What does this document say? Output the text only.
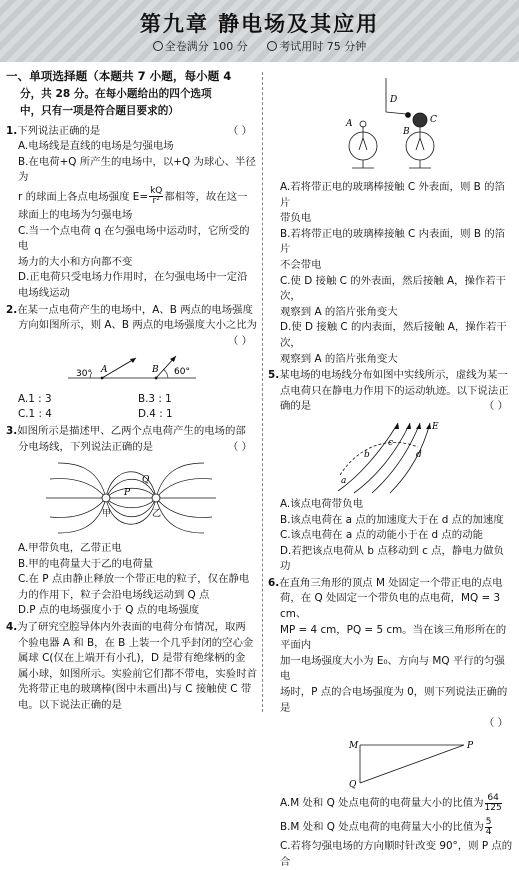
第九章 静电场及其应用
全卷满分 100 分	考试用时 75 分钟
一、单项选择题（本题共 7 小题，每小题 4
分，共 28 分。在每小题给出的四个选项
中，只有一项是符合题目要求的）
1.下列说法正确的是	（ ）
A.电场线是直线的电场是匀强电场
B.在电荷+Q 所产生的电场中，以+Q 为球心、半径为
r 的球面上各点电场强度 $E= \frac{kQ}{\text{r²}}$ 都相等，故在这一
球面上的电场为匀强电场
C.当一个点电荷 q 在匀强电场中运动时，它所受的电
场力的大小和方向都不变
D.正电荷只受电场力作用时，在匀强电场中一定沿
电场线运动
2.在某一点电荷产生的电场中，A、B 两点的电场强度
方向如图所示，则 A、B 两点的电场强度大小之比为
（ ）
30° A	B 60°
A.1 : 3	B.3 : 1
C.1 : 4	D.4 : 1
3.如图所示是描述甲、乙两个点电荷产生的电场的部
分电场线，下列说法正确的是	（ ）
甲	乙
P
Q
A.甲带负电，乙带正电
B.甲的电荷量大于乙的电荷量
C.在 P 点由静止释放一个带正电的粒子，仅在静电
力的作用下，粒子会沿电场线运动到 Q 点
D.P 点的电场强度小于 Q 点的电场强度
4.为了研究空腔导体内外表面的电荷分布情况，取两
个验电器 A 和 B，在 B 上装一个几乎封闭的空心金
属球 C(仅在上端开有小孔)，D 是带有绝缘柄的金
属小球，如图所示。实验前它们都不带电，实验时首
先将带正电的玻璃棒(图中未画出)与 C 接触使 C 带
电。以下说法正确的是
D
A
B
C
A.若将带正电的玻璃棒接触 C 外表面，则 B 的箔片
带负电
B.若将带正电的玻璃棒接触 C 内表面，则 B 的箔片
不会带电
C.使 D 接触 C 的外表面，然后接触 A，操作若干次，
观察到 A 的箔片张角变大
D.使 D 接触 C 的内表面，然后接触 A，操作若干次，
观察到 A 的箔片张角变大
5.某电场的电场线分布如图中实线所示，虚线为某一
点电荷只在静电力作用下的运动轨迹。以下说法正
确的是	（ ）
E
a
b
c
d
A.该点电荷带负电
B.该点电荷在 a 点的加速度大于在 d 点的加速度
C.该点电荷在 a 点的动能小于在 d 点的动能
D.若把该点电荷从 b 点移动到 c 点，静电力做负功
6.在直角三角形的顶点 M 处固定一个带正电的点电
荷，在 Q 处固定一个带负电的点电荷，MQ = 3 cm、
MP = 4 cm，PQ = 5 cm。当在该三角形所在的平面内
加一电场强度大小为 E₀、方向与 MQ 平行的匀强电
场时，P 点的合电场强度为 0，则下列说法正确的是
（ ）
M	P
Q
A.M 处和 Q 处点电荷的电荷量大小的比值为 $\frac{64}{125}$
B.M 处和 Q 处点电荷的电荷量大小的比值为 $\frac{5}{4}$
C.若将匀强电场的方向顺时针改变 90°，则 P 点的合
